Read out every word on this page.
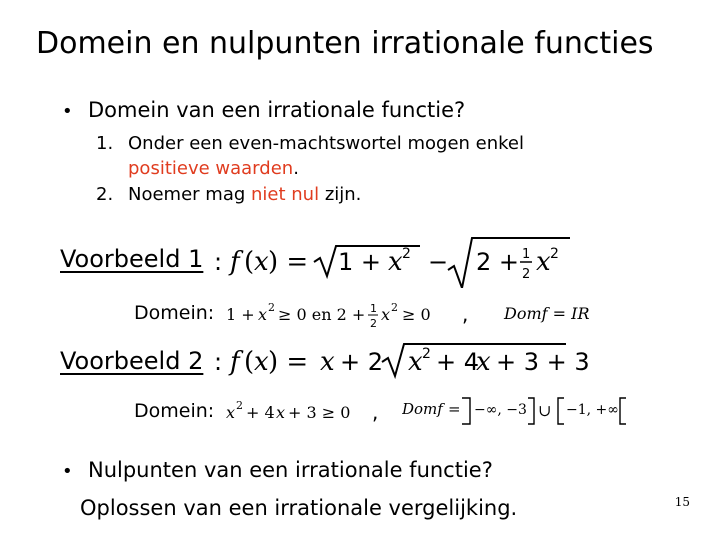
Domein en nulpunten irrationale functies
• Domein van een irrationale functie?
1. Onder een even-machtswortel mogen enkel
positieve waarden.
2. Noemer mag niet nul zijn.
Voorbeeld 1 : f ( x ) = 1 + x 2 − 2 + 1
2 x 2
Domein: 1 + x 2 ≥ 0 en 2 + 1
2 x 2 ≥ 0 , Domf = IR
Voorbeeld 2 : f ( x ) = x + 2 x 2 + 4
x + 3 + 3
Domein: x 2 + 4 x + 3 ≥ 0 , Domf = −∞, −3 ∪ −1, +∞
• Nulpunten van een irrationale functie?
Oplossen van een irrationale vergelijking.	15
